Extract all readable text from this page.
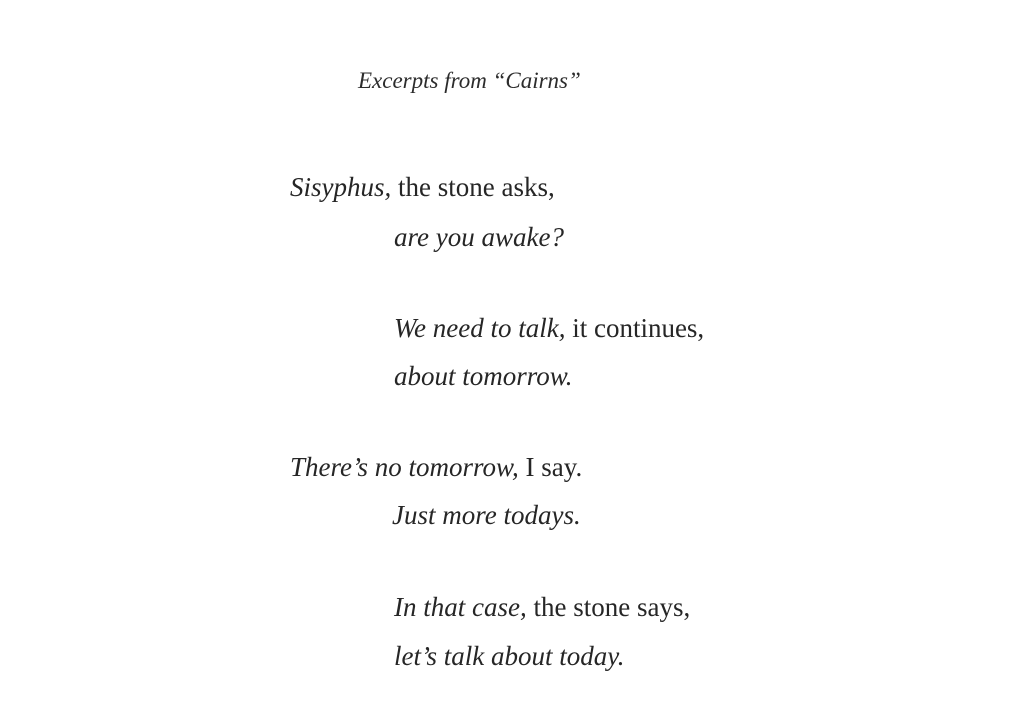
Excerpts from “Cairns”
Sisyphus, the stone asks,
are you awake?
We need to talk, it continues,
about tomorrow.
There’s no tomorrow, I say.
Just more todays.
In that case, the stone says,
let’s talk about today.
